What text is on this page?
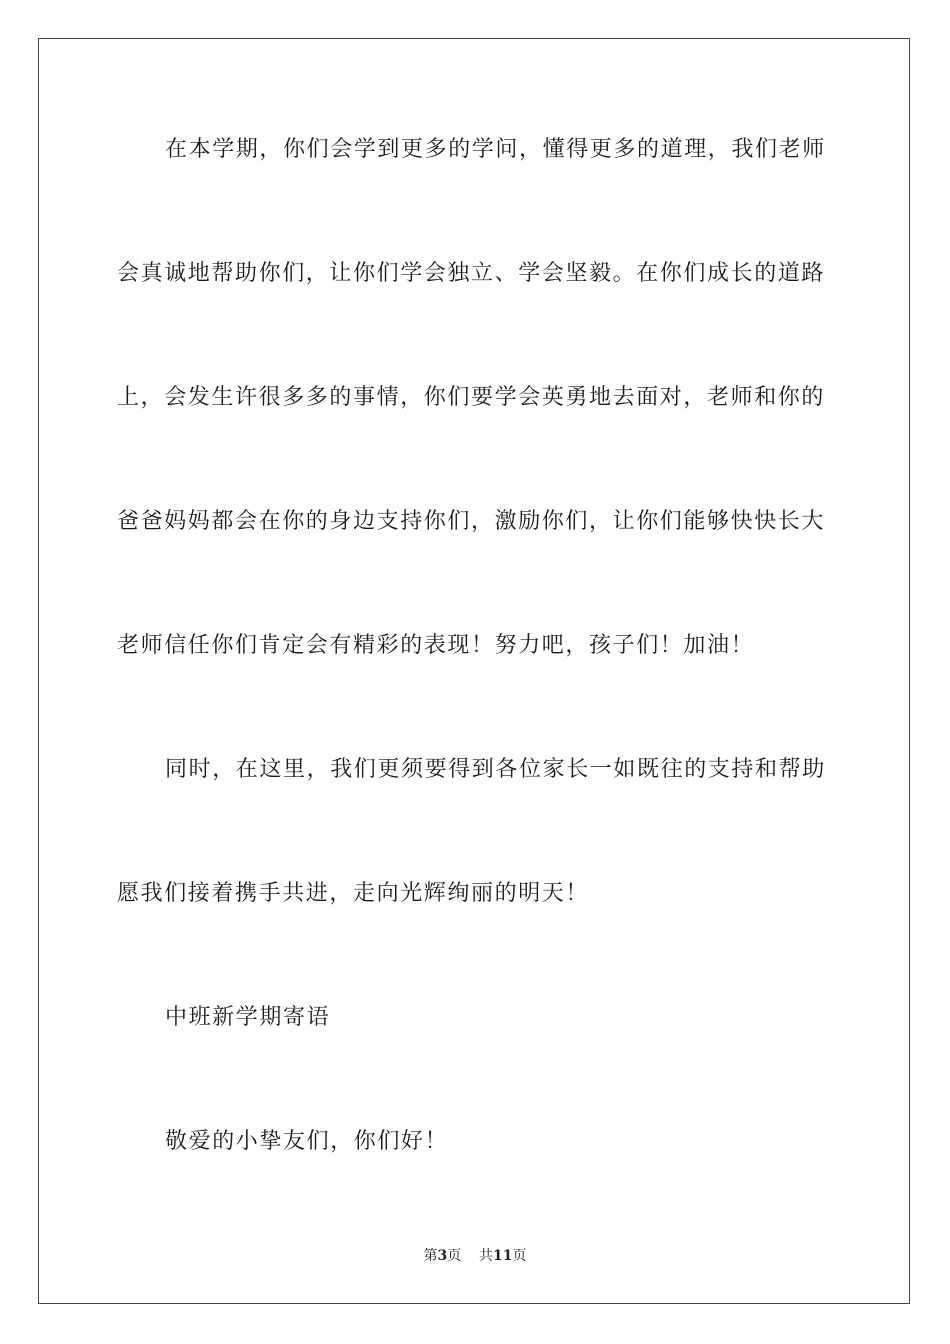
在本学期，你们会学到更多的学问，懂得更多的道理，我们老师
会真诚地帮助你们，让你们学会独立、学会坚毅。在你们成长的道路
上，会发生许很多多的事情，你们要学会英勇地去面对，老师和你的
爸爸妈妈都会在你的身边支持你们，激励你们，让你们能够快快长大
老师信任你们肯定会有精彩的表现！努力吧，孩子们！加油！
同时，在这里，我们更须要得到各位家长一如既往的支持和帮助
愿我们接着携手共进，走向光辉绚丽的明天！
中班新学期寄语
敬爱的小挚友们，你们好！
第3页 共11页
